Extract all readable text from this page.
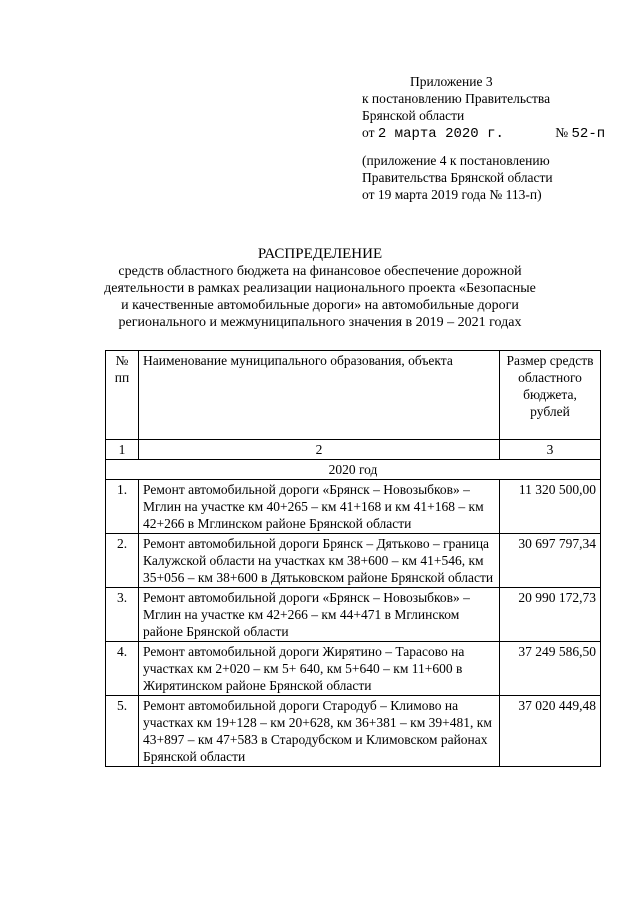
Приложение 3
к постановлению Правительства
Брянской области
от 2 марта 2020 г.	№ 52-п
(приложение 4 к постановлению
Правительства Брянской области
от 19 марта 2019 года № 113-п)
РАСПРЕДЕЛЕНИЕ
средств областного бюджета на финансовое обеспечение дорожной
деятельности в рамках реализации национального проекта «Безопасные
и качественные автомобильные дороги» на автомобильные дороги
регионального и межмуниципального значения в 2019 – 2021 годах
№ пп	Наименование муниципального образования, объекта	Размер средств областного бюджета, рублей
1	2	3
2020 год		
1.	Ремонт автомобильной дороги «Брянск – Новозыбков» – Мглин на участке км 40+265 – км 41+168 и км 41+168 – км 42+266 в Мглинском районе Брянской области	11 320 500,00
2.	Ремонт автомобильной дороги Брянск – Дятьково – граница Калужской области на участках км 38+600 – км 41+546, км 35+056 – км 38+600 в Дятьковском районе Брянской области	30 697 797,34
3.	Ремонт автомобильной дороги «Брянск – Новозыбков» – Мглин на участке км 42+266 – км 44+471 в Мглинском районе Брянской области	20 990 172,73
4.	Ремонт автомобильной дороги Жирятино – Тарасово на участках км 2+020 – км 5+ 640, км 5+640 – км 11+600 в Жирятинском районе Брянской области	37 249 586,50
5.	Ремонт автомобильной дороги Стародуб – Климово на участках км 19+128 – км 20+628, км 36+381 – км 39+481, км 43+897 – км 47+583 в Стародубском и Климовском районах Брянской области	37 020 449,48
